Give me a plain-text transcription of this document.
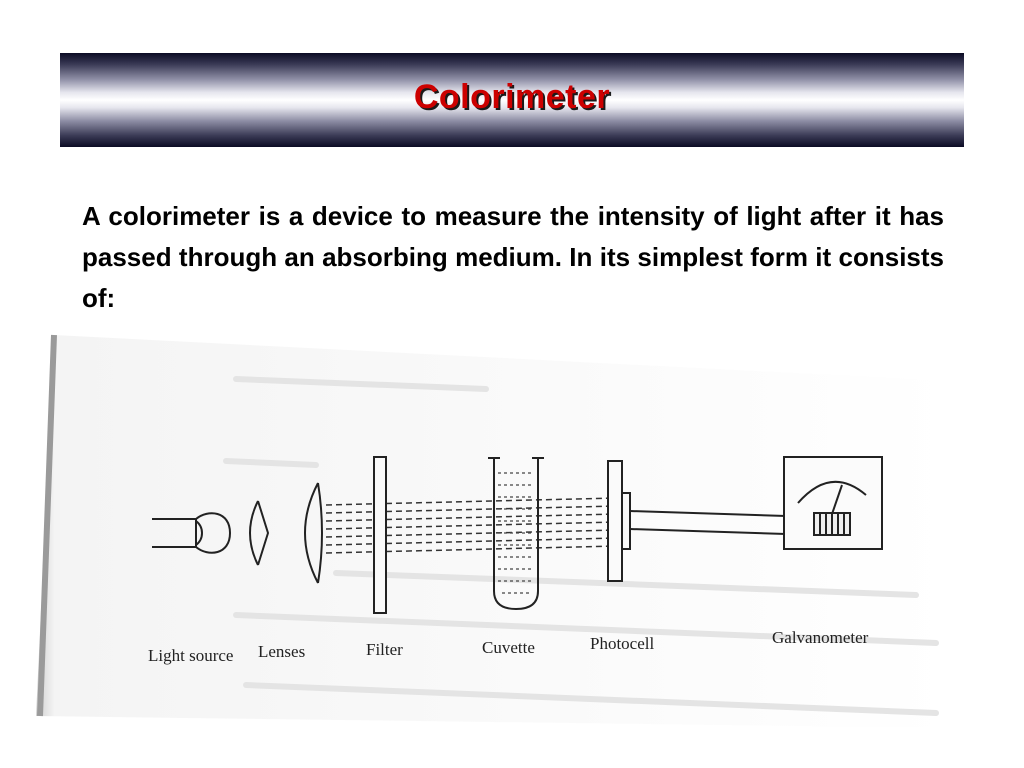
Colorimeter
A colorimeter is a device to measure the intensity of light after it has passed through an absorbing medium. In its simplest form it consists of:
Light source Lenses	Filter	Cuvette	Photocell	Galvanometer
